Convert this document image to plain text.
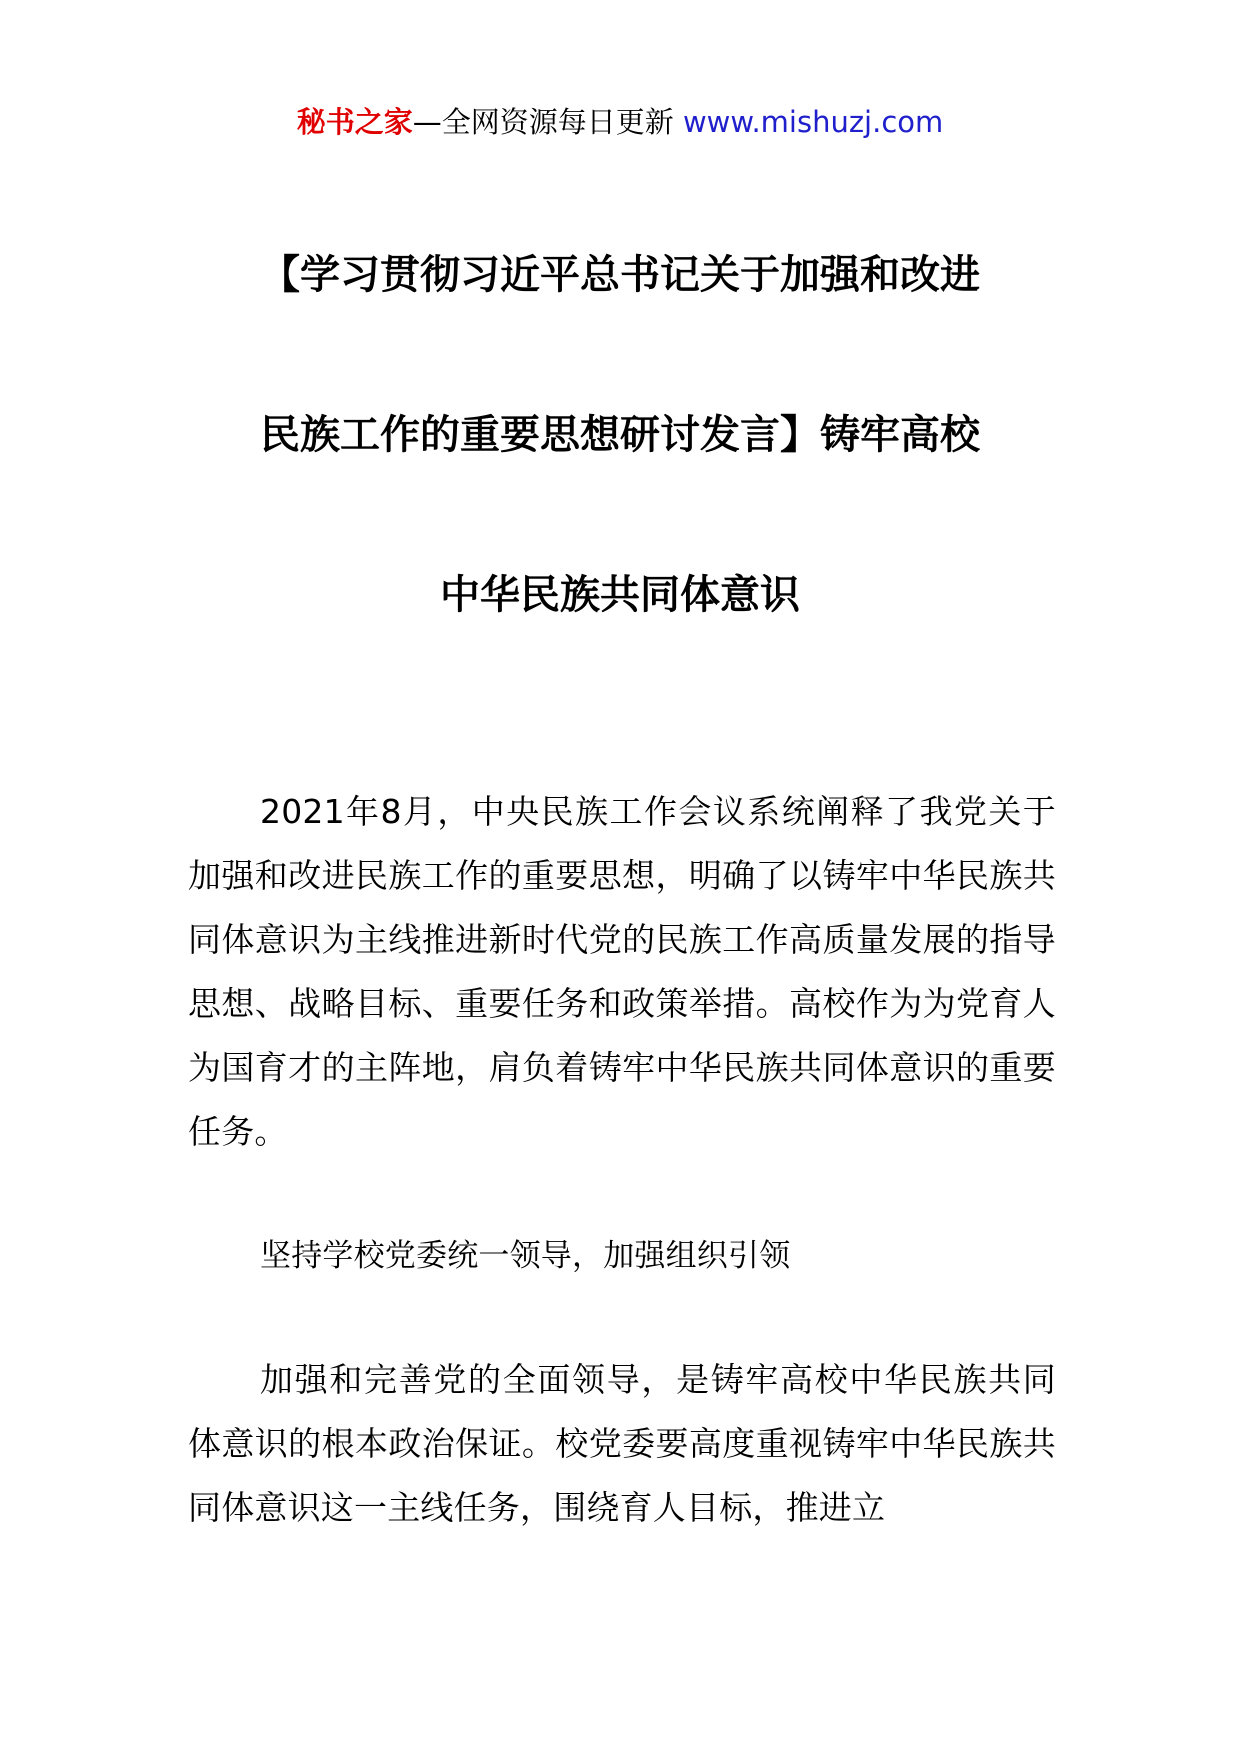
秘书之家—全网资源每日更新 www.mishuzj.com
【学习贯彻习近平总书记关于加强和改进
民族工作的重要思想研讨发言】铸牢高校
中华民族共同体意识

2021年8月，中央民族工作会议系统阐释了我党关于加强和改进民族工作的重要思想，明确了以铸牢中华民族共同体意识为主线推进新时代党的民族工作高质量发展的指导思想、战略目标、重要任务和政策举措。高校作为为党育人为国育才的主阵地，肩负着铸牢中华民族共同体意识的重要任务。

坚持学校党委统一领导，加强组织引领

加强和完善党的全面领导，是铸牢高校中华民族共同体意识的根本政治保证。校党委要高度重视铸牢中华民族共同体意识这一主线任务，围绕育人目标，推进立
